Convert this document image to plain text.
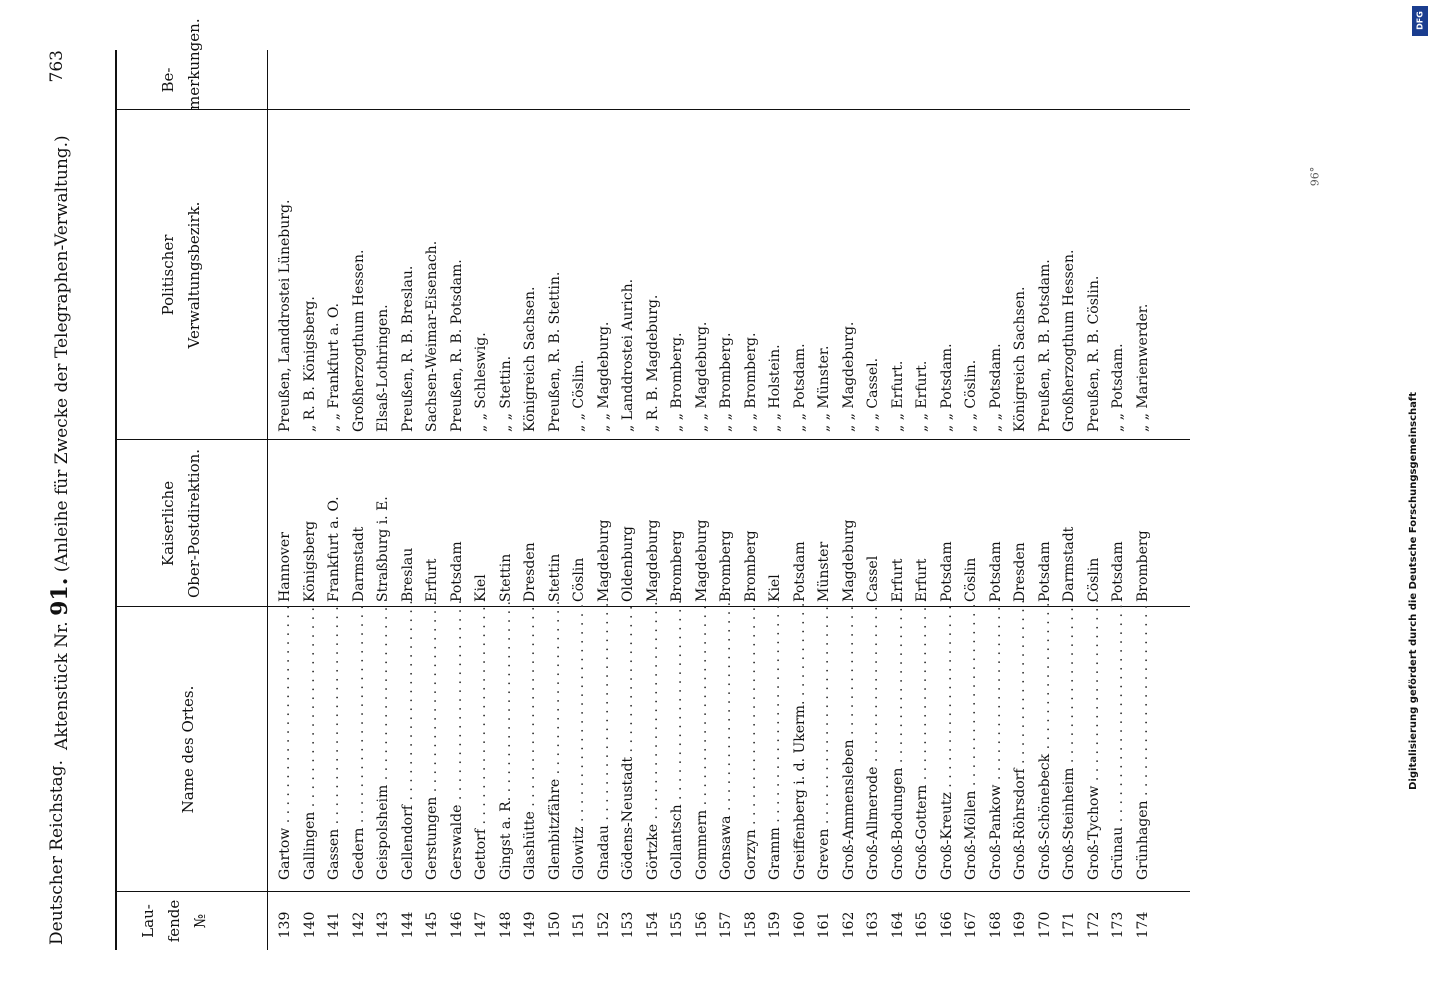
Deutscher Reichstag.
Aktenstück Nr. 91. (Anleihe für Zwecke der Telegraphen-Verwaltung.)
763
Lau- fende №
Name des Ortes.
Kaiserliche Ober-Postdirektion.
Politischer Verwaltungsbezirk.
Be- merkungen.
139
Gartow . . .
Hannover
Preußen, Landdrostei Lüneburg.
140
Gallingen . . .
Königsberg
„ R. B. Königsberg.
141
Gassen . . .
Frankfurt a. O.
„ „ Frankfurt a. O.
142
Gedern . . .
Darmstadt
Großherzogthum Hessen.
143
Geispolsheim . . .
Straßburg i. E.
Elsaß-Lothringen.
144
Gellendorf . . .
Breslau
Preußen, R. B. Breslau.
145
Gerstungen . . .
Erfurt
Sachsen-Weimar-Eisenach.
146
Gerswalde . . .
Potsdam
Preußen, R. B. Potsdam.
147
Gettorf . . .
Kiel
„ „ Schleswig.
148
Gingst a. R. . . .
Stettin
„ „ Stettin.
149
Glashütte . . .
Dresden
Königreich Sachsen.
150
Glembitzfähre . . .
Stettin
Preußen, R. B. Stettin.
151
Glowitz . . .
Cöslin
„ „ Cöslin.
152
Gnadau . . .
Magdeburg
„ „ Magdeburg.
153
Gödens-Neustadt . . .
Oldenburg
„ Landdrostei Aurich.
154
Görtzke . . .
Magdeburg
„ R. B. Magdeburg.
155
Gollantsch . . .
Bromberg
„ „ Bromberg.
156
Gommern . . .
Magdeburg
„ „ Magdeburg.
157
Gonsawa . . .
Bromberg
„ „ Bromberg.
158
Gorzyn . . .
Bromberg
„ „ Bromberg.
159
Gramm . . .
Kiel
„ „ Holstein.
160
Greiffenberg i. d. Ukerm. . . .
Potsdam
„ „ Potsdam.
161
Greven . . .
Münster
„ „ Münster.
162
Groß-Ammensleben . . .
Magdeburg
„ „ Magdeburg.
163
Groß-Allmerode . . .
Cassel
„ „ Cassel.
164
Groß-Bodungen . . .
Erfurt
„ „ Erfurt.
165
Groß-Gottern . . .
Erfurt
„ „ Erfurt.
166
Groß-Kreutz . . .
Potsdam
„ „ Potsdam.
167
Groß-Möllen . . .
Cöslin
„ „ Cöslin.
168
Groß-Pankow . . .
Potsdam
„ „ Potsdam.
169
Groß-Röhrsdorf . . .
Dresden
Königreich Sachsen.
170
Groß-Schönebeck . . .
Potsdam
Preußen, R. B. Potsdam.
171
Groß-Steinheim . . .
Darmstadt
Großherzogthum Hessen.
172
Groß-Tychow . . .
Cöslin
Preußen, R. B. Cöslin.
173
Grünau . . .
Potsdam
„ „ Potsdam.
174
Grünhagen . . .
Bromberg
„ „ Marienwerder.
96°
Digitalisierung gefördert durch die Deutsche Forschungsgemeinschaft
DFG
